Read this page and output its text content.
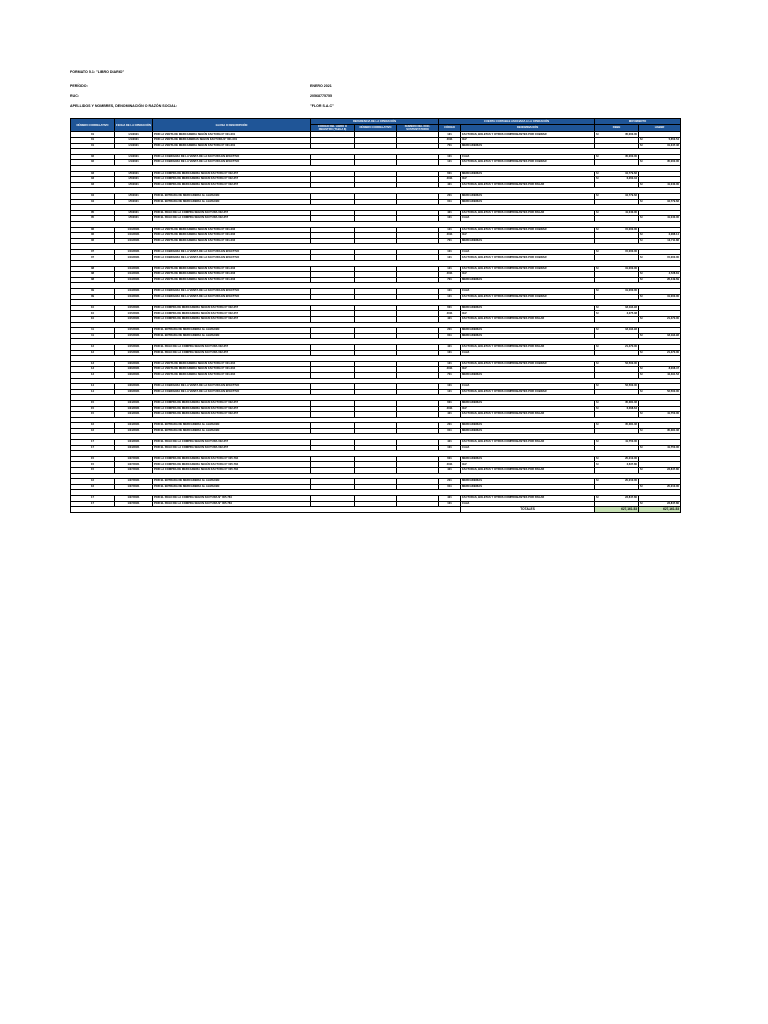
FORMATO 5.1: "LIBRO DIARIO"
PERÍODO:	ENERO 2021
RUC:	20568775755
APELLIDOS Y NOMBRES, DENOMINACIÓN O RAZÓN SOCIAL:	"FLOR S.A.C"
NÚMERO CORRELATIVO	FECHA DE LA OPERACIÓN	GLOSA O DESCRIPCIÓN	REFERENCIA DE LA OPERACIÓN			CUENTA CONTABLE ASOCIADA A LA OPERACIÓN		MOVIMIENTO	
			CÓDIGO DEL LIBRO O REGISTRO (TABLA 8)	NÚMERO CORRELATIVO	NÚMERO DEL DOC. SUSTENTATORIO	CÓDIGO	DENOMINACIÓN	DEBE	HABER
01	1/1/2021	POR LA VENTA DE MERCADERIA SEGÚN FACTURA N° 001-001				121	FACTURAS, BOLETAS Y OTROS COMPROBANTES POR COBRAR	S/ 35,000.00	

01	1/1/2021	POR LA VENTA DE MERCADERIAS SEGÚN FACTURA N° 001-001				4011	IGV		S/ 5,652.54
01	1/1/2021	POR LA VENTA DE MERCADERIA SEGÚN FACTURA N° 001-001				701	MERCADERIAS		S/ 31,347.46

02	1/1/2021	POR LA COBRANZA DE LA VENTA DE LA FACTURA EN EFECTIVO				101	CAJA	S/ 35,000.00	

02	1/1/2021	POR LA COBRANZA DE LA VENTA DE LA FACTURA EN EFECTIVO				121	FACTURAS, BOLETAS Y OTROS COMPROBANTES POR COBRAR		S/ 35,000.00

03	1/5/2021	POR LA COMPRA DE MERCADERIA SEGÚN FACTURA N° 002-257				601	MERCADERIAS	S/ 34,779.66	

03	1/5/2021	POR LA COMPRA DE MERCADERIA SEGÚN FACTURA N° 002-257				4011	IGV	S/ 6,260.34	

03	1/5/2021	POR LA COMPRA DE MERCADERIA SEGÚN FACTURA N° 002-257				421	FACTURAS, BOLETAS Y OTROS COMPROBANTES POR PAGAR		S/ 41,040.00

04	1/5/2021	POR EL ENTRADA DE MERCADERIA AL ALMACEN				201	MERCADERIAS	S/ 34,779.66	

04	1/5/2021	POR EL ENTRADA DE MERCADERIA AL ALMACEN				611	MERCADERIAS		S/ 34,779.66

05	1/5/2021	POR EL PAGO DE LA COMPRA SEGÚN FACTURA 002-257				421	FACTURAS, BOLETAS Y OTROS COMPROBANTES POR PAGAR	S/ 41,040.00	

05	1/5/2021	POR EL PAGO DE LA COMPRA SEGÚN FACTURA 002-257				101	CAJA		S/ 41,040.00

06	1/10/2021	POR LA VENTA DE MERCADERIA SEGÚN FACTURA N° 001-002				121	FACTURAS, BOLETAS Y OTROS COMPROBANTES POR COBRAR	S/ 15,000.00	

06	1/10/2021	POR LA VENTA DE MERCADERIA SEGÚN FACTURA N° 001-002				4011	IGV		S/ 2,288.14
06	1/10/2021	POR LA VENTA DE MERCADERIA SEGÚN FACTURA N° 001-002				701	MERCADERIAS		S/ 12,711.86

07	1/10/2021	POR LA COBRANZA DE LA VENTA DE LA FACTURA EN EFECTIVO				101	CAJA	S/ 15,000.00	

07	1/10/2021	POR LA COBRANZA DE LA VENTA DE LA FACTURA EN EFECTIVO				121	FACTURAS, BOLETAS Y OTROS COMPROBANTES POR COBRAR		S/ 15,000.00

08	1/13/2021	POR LA VENTA DE MERCADERIA SEGÚN FACTURA N° 001-003				121	FACTURAS, BOLETAS Y OTROS COMPROBANTES POR COBRAR	S/ 31,000.00	

08	1/13/2021	POR LA VENTA DE MERCADERIA SEGÚN FACTURA N° 001-003				4011	IGV		S/ 4,728.81
08	1/13/2021	POR LA VENTA DE MERCADERIA SEGÚN FACTURA N° 001-003				701	MERCADERIAS		S/ 26,449.69

09	1/13/2021	POR LA COBRANZA DE LA VENTA DE LA FACTURA EN EFECTIVO				101	CAJA	S/ 31,000.00	

09	1/13/2021	POR LA COBRANZA DE LA VENTA DE LA FACTURA EN EFECTIVO				121	FACTURAS, BOLETAS Y OTROS COMPROBANTES POR COBRAR		S/ 31,000.00

10	1/15/2021	POR LA COMPRA DE MERCADERIA SEGÚN FACTURA N° 002-257				601	MERCADERIAS	S/ 18,194.92	

10	1/15/2021	POR LA COMPRA DE MERCADERIA SEGÚN FACTURA N° 002-257				4011	IGV	S/ 3,275.08	

10	1/15/2021	POR LA COMPRA DE MERCADERIA SEGÚN FACTURA N° 002-257				421	FACTURAS, BOLETAS Y OTROS COMPROBANTES POR PAGAR		S/ 21,470.00

11	1/15/2021	POR EL ENTRADA DE MERCADERIA AL ALMACEN				201	MERCADERIAS	S/ 18,194.92	

11	1/15/2021	POR EL ENTRADA DE MERCADERIA AL ALMACEN				611	MERCADERIAS		S/ 18,194.92

12	1/15/2021	POR EL PAGO DE LA COMPRA SEGÚN FACTURA 002-257				421	FACTURAS, BOLETAS Y OTROS COMPROBANTES POR PAGAR	S/ 21,470.00	

12	1/15/2021	POR EL PAGO DE LA COMPRA SEGÚN FACTURA 002-257				101	CAJA		S/ 21,470.00

13	1/20/2021	POR LA VENTA DE MERCADERIA SEGÚN FACTURA N° 001-004				121	FACTURAS, BOLETAS Y OTROS COMPROBANTES POR COBRAR	S/ 52,500.00	

13	1/20/2021	POR LA VENTA DE MERCADERIA SEGÚN FACTURA N° 001-004				4011	IGV		S/ 8,008.47
13	1/20/2021	POR LA VENTA DE MERCADERIA SEGÚN FACTURA N° 001-004				701	MERCADERIAS		S/ 44,491.53

14	1/20/2021	POR LA COBRANZA DE LA VENTA DE LA FACTURA EN EFECTIVO				101	CAJA	S/ 52,500.00	

14	1/20/2021	POR LA COBRANZA DE LA VENTA DE LA FACTURA EN EFECTIVO				121	FACTURAS, BOLETAS Y OTROS COMPROBANTES POR COBRAR		S/ 52,500.00

15	1/24/2021	POR LA COMPRA DE MERCADERIA SEGÚN FACTURA N° 002-257				601	MERCADERIAS	S/ 35,381.36	

15	1/24/2021	POR LA COMPRA DE MERCADERIA SEGÚN FACTURA N° 002-257				4011	IGV	S/ 6,368.64	

15	1/24/2021	POR LA COMPRA DE MERCADERIA SEGÚN FACTURA N° 002-257				421	FACTURAS, BOLETAS Y OTROS COMPROBANTES POR PAGAR		S/ 41,750.00

16	1/24/2021	POR EL ENTRADA DE MERCADERIA AL ALMACEN				201	MERCADERIAS	S/ 35,381.36	

16	1/24/2021	POR EL ENTRADA DE MERCADERIA AL ALMACEN				611	MERCADERIAS		S/ 35,381.36

17	1/24/2021	POR EL PAGO DE LA COMPRA SEGÚN FACTURA 002-257				421	FACTURAS, BOLETAS Y OTROS COMPROBANTES POR PAGAR	S/ 41,750.00	

17	1/24/2021	POR EL PAGO DE LA COMPRA SEGÚN FACTURA 002-257				101	CAJA		S/ 41,750.00

15	1/27/2021	POR LA COMPRA DE MERCADERIA SEGÚN FACTURA N° 005-784				601	MERCADERIAS	S/ 20,210.00	

15	1/27/2021	POR LA COMPRA DE MERCADERIA SEGÚN FACTURA N° 005-784				4011	IGV	S/ 3,637.80	

15	1/27/2021	POR LA COMPRA DE MERCADERIA SEGÚN FACTURA N° 005-784				421	FACTURAS, BOLETAS Y OTROS COMPROBANTES POR PAGAR		S/ 23,847.80

16	1/27/2021	POR EL ENTRADA DE MERCADERIA AL ALMACEN				201	MERCADERIAS	S/ 20,210.00	

16	1/27/2021	POR EL ENTRADA DE MERCADERIA AL ALMACEN				611	MERCADERIAS		S/ 20,210.00

17	1/27/2021	POR EL PAGO DE LA COMPRA SEGÚN FACTURA N° 005-784				421	FACTURAS, BOLETAS Y OTROS COMPROBANTES POR PAGAR	S/ 23,847.80	

17	1/27/2021	POR EL PAGO DE LA COMPRA SEGÚN FACTURA N° 005-784				101	CAJA		S/ 23,847.80
							TOTALES	627,161.53	627,161.53
